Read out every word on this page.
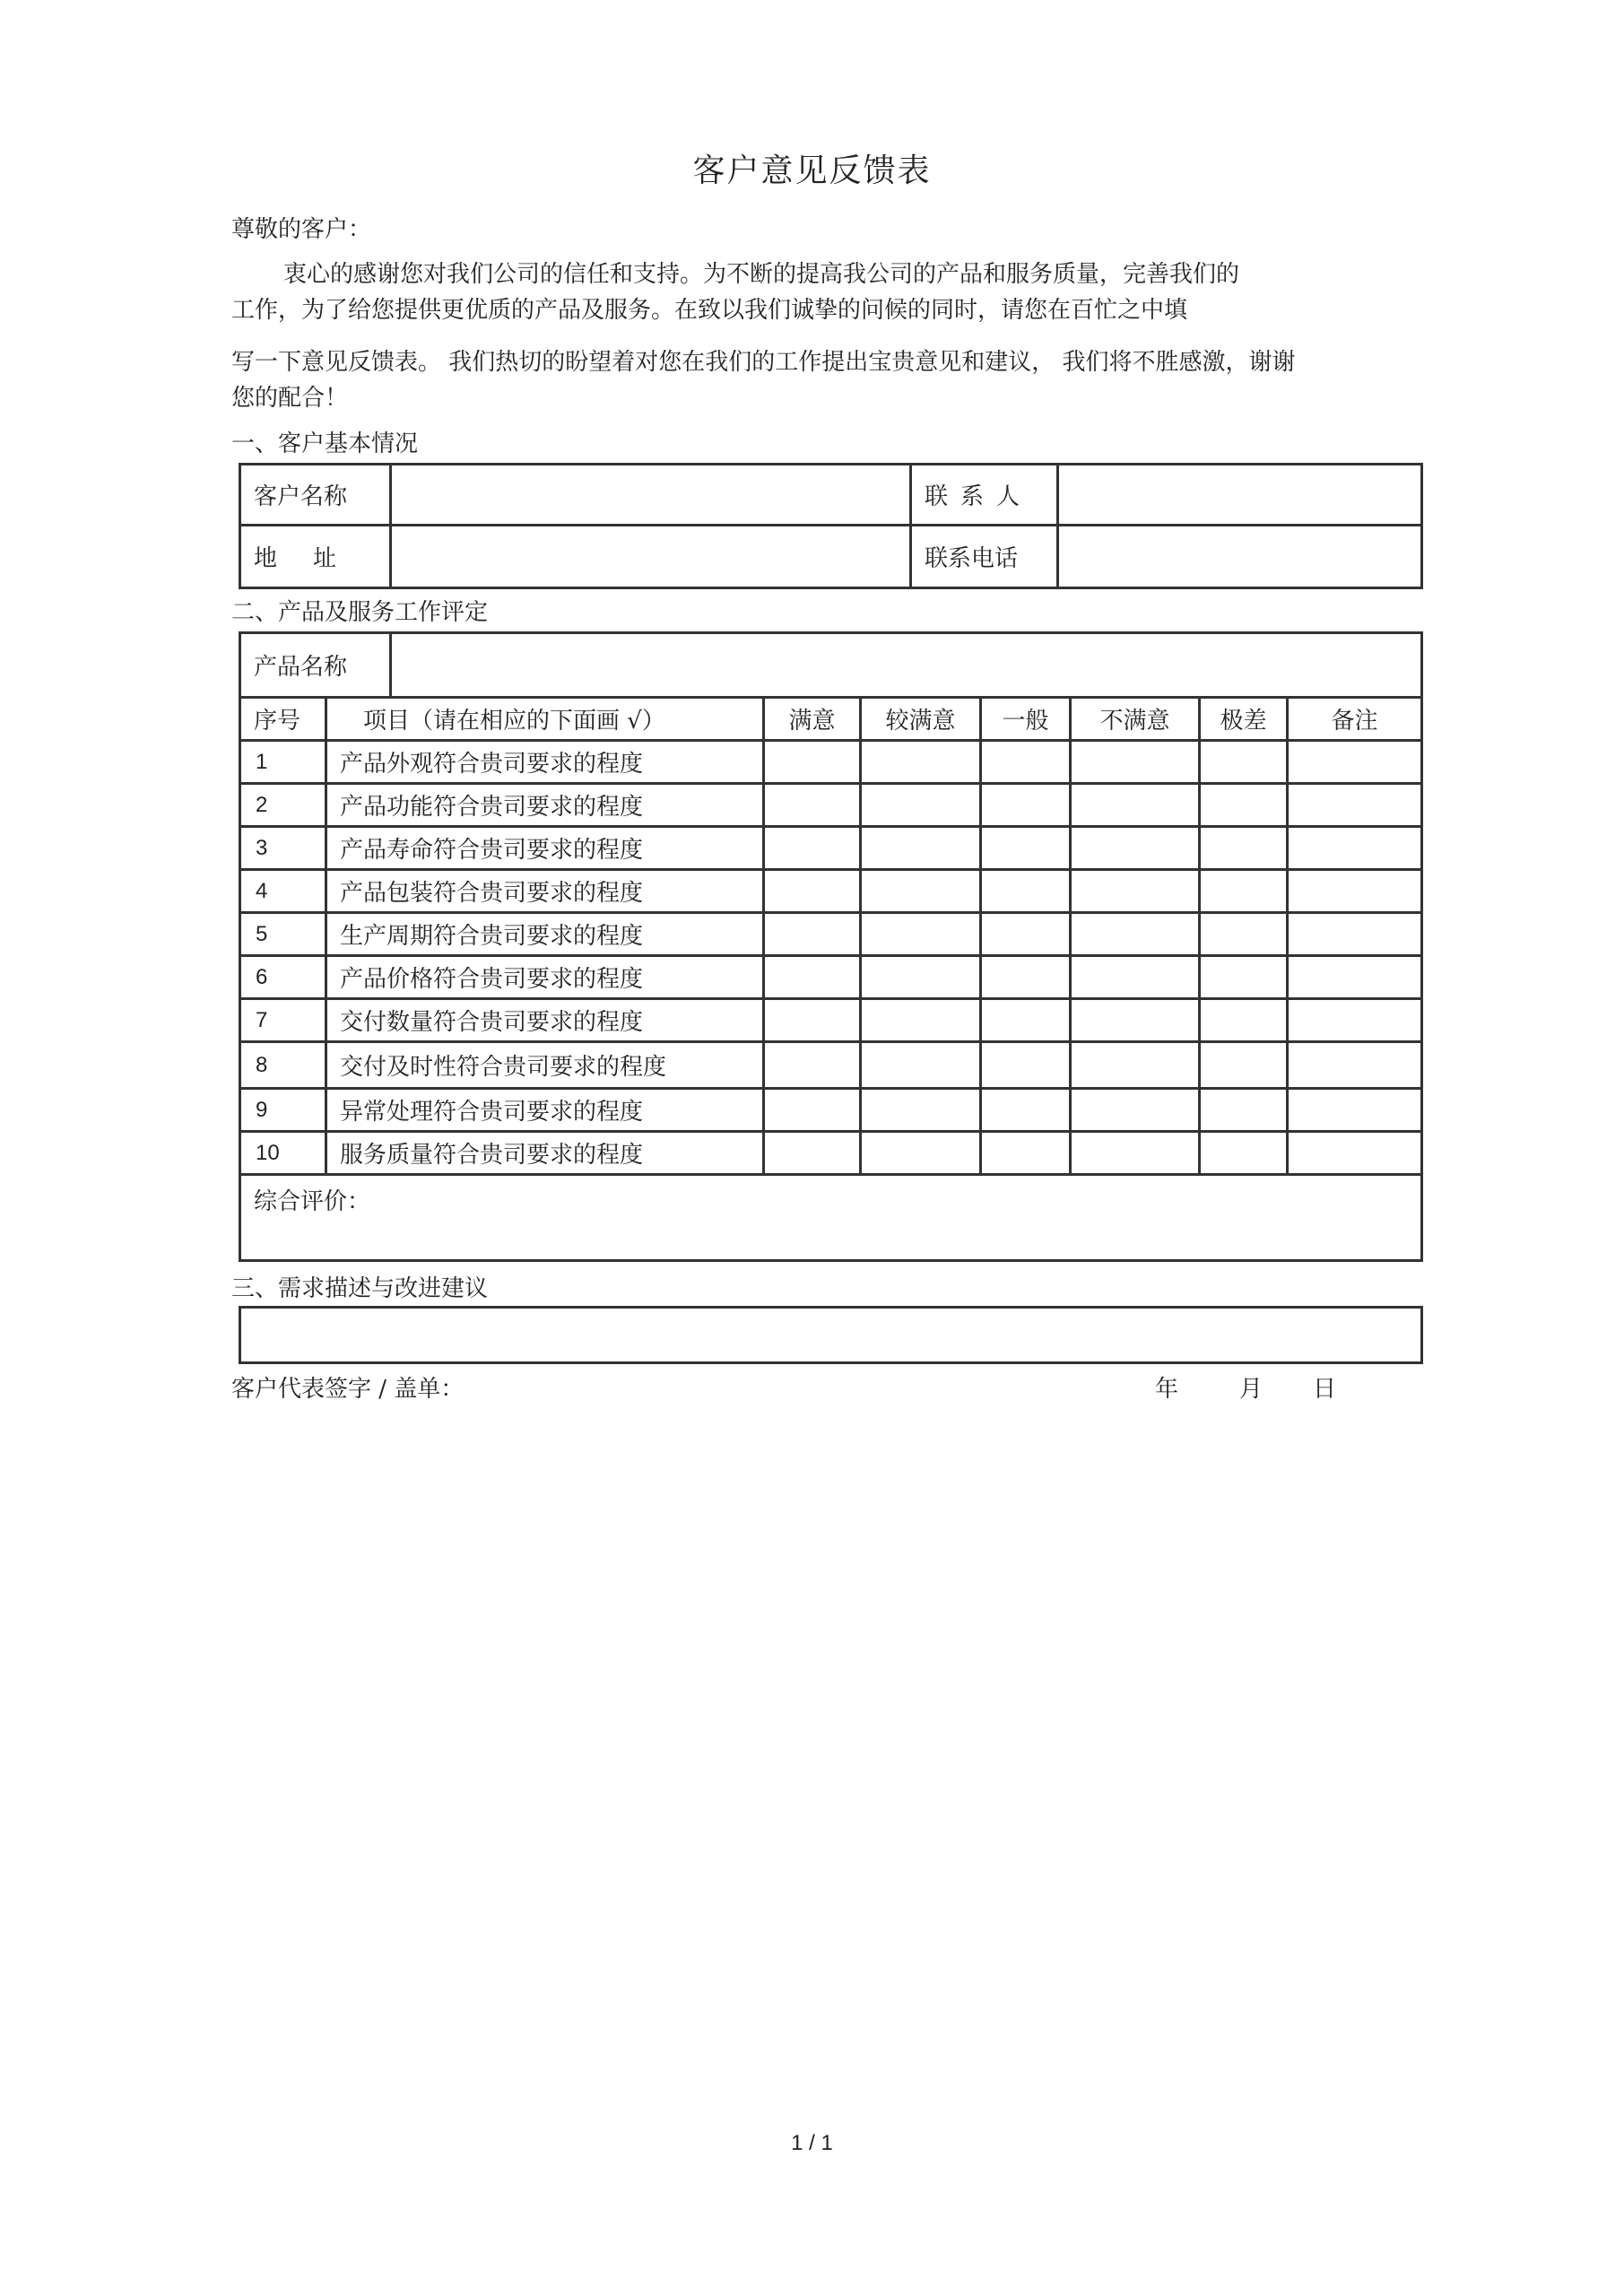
客户意见反馈表
尊敬的客户：
衷心的感谢您对我们公司的信任和支持。为不断的提高我公司的产品和服务质量，完善我们的
工作，为了给您提供更优质的产品及服务。在致以我们诚挚的问候的同时，请您在百忙之中填
写一下意见反馈表。 我们热切的盼望着对您在我们的工作提出宝贵意见和建议， 我们将不胜感激，谢谢
您的配合！
一、客户基本情况
客户名称		联系人	
地址		联系电话	
二、产品及服务工作评定
产品名称	
序号	项目（请在相应的下面画 √）	满意	较满意	一般	不满意	极差	备注
1	产品外观符合贵司要求的程度						
2	产品功能符合贵司要求的程度						
3	产品寿命符合贵司要求的程度						
4	产品包装符合贵司要求的程度						
5	生产周期符合贵司要求的程度						
6	产品价格符合贵司要求的程度						
7	交付数量符合贵司要求的程度						
8	交付及时性符合贵司要求的程度						
9	异常处理符合贵司要求的程度						
10	服务质量符合贵司要求的程度						
综合评价：							
三、需求描述与改进建议
客户代表签字 / 盖单：	年	月 日
1 / 1
